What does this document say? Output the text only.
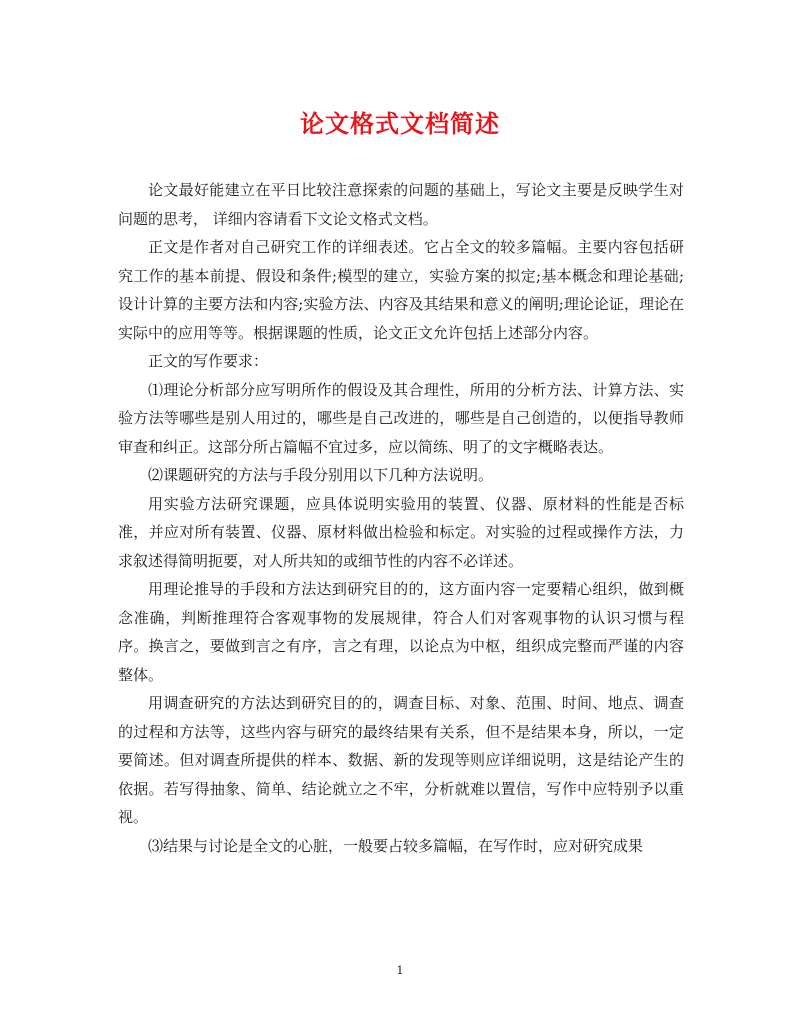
论文格式文档简述

论文最好能建立在平日比较注意探索的问题的基础上，写论文主要是反映学生对问题的思考， 详细内容请看下文论文格式文档。

正文是作者对自己研究工作的详细表述。它占全文的较多篇幅。主要内容包括研究工作的基本前提、假设和条件;模型的建立，实验方案的拟定;基本概念和理论基础;设计计算的主要方法和内容;实验方法、内容及其结果和意义的阐明;理论论证，理论在实际中的应用等等。根据课题的性质，论文正文允许包括上述部分内容。

正文的写作要求：

⑴理论分析部分应写明所作的假设及其合理性，所用的分析方法、计算方法、实验方法等哪些是别人用过的，哪些是自己改进的，哪些是自己创造的，以便指导教师审查和纠正。这部分所占篇幅不宜过多，应以简练、明了的文字概略表达。

⑵课题研究的方法与手段分别用以下几种方法说明。

用实验方法研究课题，应具体说明实验用的装置、仪器、原材料的性能是否标准，并应对所有装置、仪器、原材料做出检验和标定。对实验的过程或操作方法，力求叙述得简明扼要，对人所共知的或细节性的内容不必详述。

用理论推导的手段和方法达到研究目的的，这方面内容一定要精心组织，做到概念准确，判断推理符合客观事物的发展规律，符合人们对客观事物的认识习惯与程序。换言之，要做到言之有序，言之有理，以论点为中枢，组织成完整而严谨的内容整体。

用调查研究的方法达到研究目的的，调查目标、对象、范围、时间、地点、调查的过程和方法等，这些内容与研究的最终结果有关系，但不是结果本身，所以，一定要简述。但对调查所提供的样本、数据、新的发现等则应详细说明，这是结论产生的依据。若写得抽象、简单、结论就立之不牢，分析就难以置信，写作中应特别予以重视。

⑶结果与讨论是全文的心脏，一般要占较多篇幅，在写作时，应对研究成果

1
